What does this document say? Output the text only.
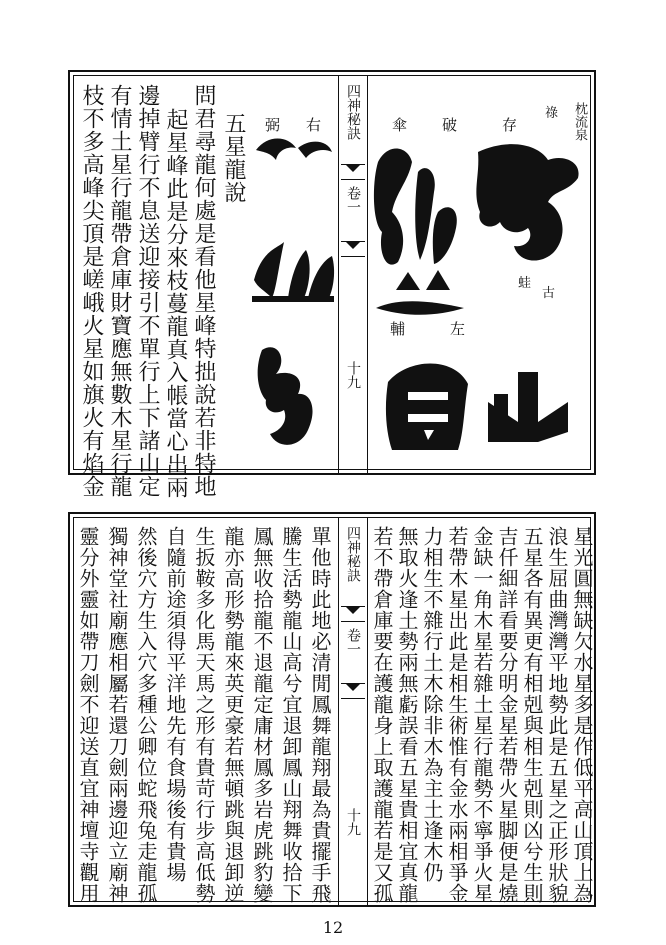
枝不多高峰尖頂是嵯峨火星如旗火有焰金 有情土星行龍帶倉庫財寶應無數木星行龍 邊掉臂行不息送迎接引不單行上下諸山定 起星峰此是分來枝蔓龍真入帳當心出兩 問君尋龍何處是看他星峰特拙說若非特地 五星龍說 弼 右 四神秘訣
卷一
十九
傘 破	存
祿 枕流泉
古
蛙
輔	左
靈分外靈如帶刀劍不迎送直宜神壇寺觀用 獨神堂社廟應相屬若還刀劍兩邊迎立廟神 然後穴方生入穴多種公卿位蛇飛兔走龍孤 自隨前途須得平洋地先有食場後有貴場 生扳鞍多化馬天馬之形有貴苛行步高低勢 龍亦高形勢龍來英更豪若無頓跳與退卸逆 鳳無收拾龍不退龍定庸材鳳多岩虎跳豹變 騰生活勢龍山高兮宜退卸鳳山翔舞收拾下 單他時此地必清閒鳳舞龍翔最為貴擺手飛 四神秘訣
卷一
十九 若不帶倉庫要在護龍身上取護龍若是又孤 無取火逢土勢兩無虧誤看五星貴相宜真龍 力相生不雜行土木除非木為主土逢木仍 若帶木星出此是相生術惟有金水兩相爭金 金缺一角木星若雜土星行龍勢不寧爭火星 吉仟細詳看要分明金星若帶火星脚便是燒 五星各有異更有相剋與相生剋則凶兮生則 浪生屈曲灣灣平地勢此是五星之正形狀貌 星光圓無缺欠水星多是作低平高山頂上為
12
